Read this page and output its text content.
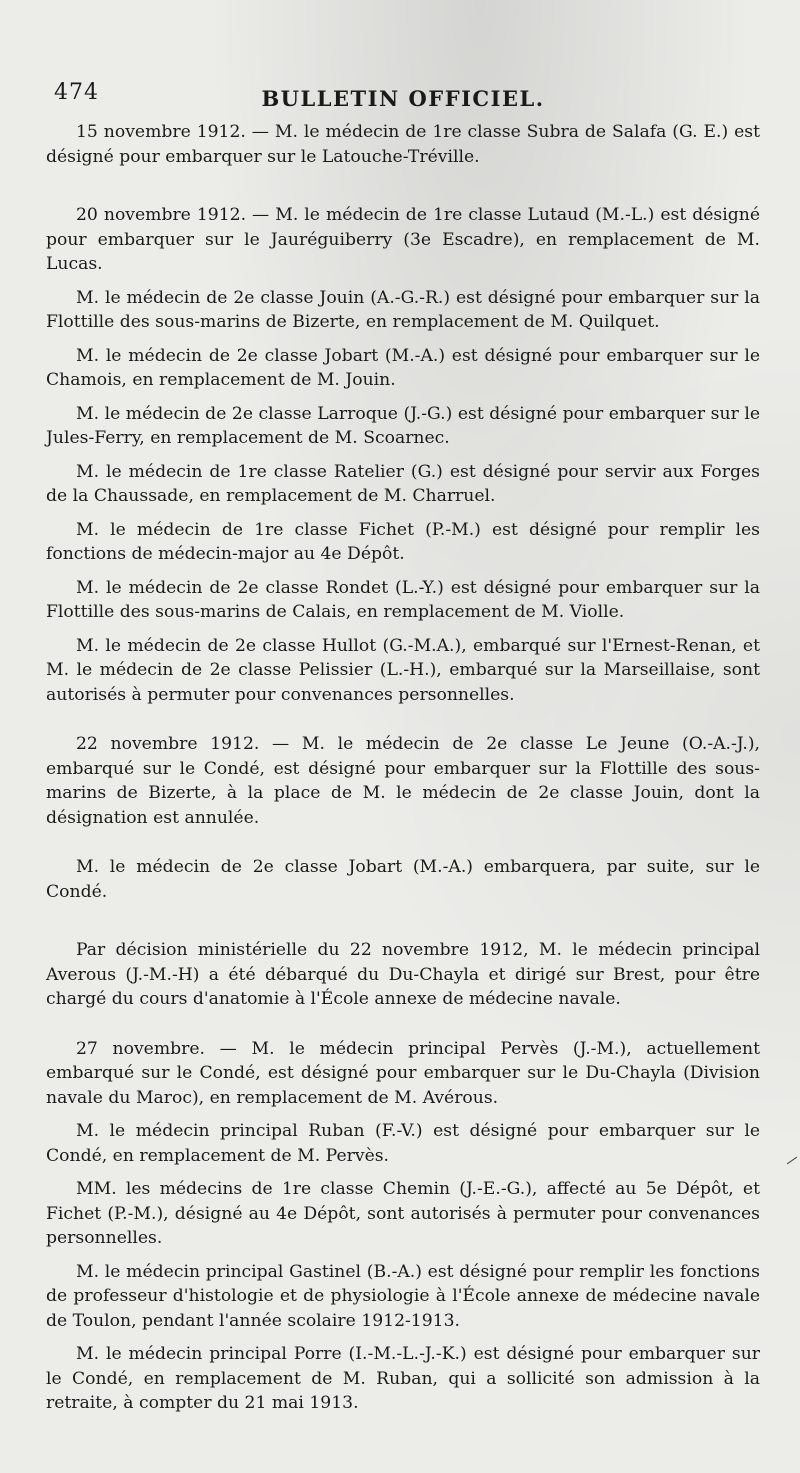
474	BULLETIN OFFICIEL.

15 novembre 1912. — M. le médecin de 1re classe Subra de Salafa (G. E.) est désigné pour embarquer sur le Latouche-Tréville.

20 novembre 1912. — M. le médecin de 1re classe Lutaud (M.-L.) est désigné pour embarquer sur le Jauréguiberry (3e Escadre), en remplacement de M. Lucas.

M. le médecin de 2e classe Jouin (A.-G.-R.) est désigné pour embarquer sur la Flottille des sous-marins de Bizerte, en remplacement de M. Quilquet.

M. le médecin de 2e classe Jobart (M.-A.) est désigné pour embarquer sur le Chamois, en remplacement de M. Jouin.

M. le médecin de 2e classe Larroque (J.-G.) est désigné pour embarquer sur le Jules-Ferry, en remplacement de M. Scoarnec.

M. le médecin de 1re classe Ratelier (G.) est désigné pour servir aux Forges de la Chaussade, en remplacement de M. Charruel.

M. le médecin de 1re classe Fichet (P.-M.) est désigné pour remplir les fonctions de médecin-major au 4e Dépôt.

M. le médecin de 2e classe Rondet (L.-Y.) est désigné pour embarquer sur la Flottille des sous-marins de Calais, en remplacement de M. Violle.

M. le médecin de 2e classe Hullot (G.-M.A.), embarqué sur l'Ernest-Renan, et M. le médecin de 2e classe Pelissier (L.-H.), embarqué sur la Marseillaise, sont autorisés à permuter pour convenances personnelles.

22 novembre 1912. — M. le médecin de 2e classe Le Jeune (O.-A.-J.), embarqué sur le Condé, est désigné pour embarquer sur la Flottille des sous-marins de Bizerte, à la place de M. le médecin de 2e classe Jouin, dont la désignation est annulée.

M. le médecin de 2e classe Jobart (M.-A.) embarquera, par suite, sur le Condé.

Par décision ministérielle du 22 novembre 1912, M. le médecin principal Averous (J.-M.-H) a été débarqué du Du-Chayla et dirigé sur Brest, pour être chargé du cours d'anatomie à l'École annexe de médecine navale.

27 novembre. — M. le médecin principal Pervès (J.-M.), actuellement embarqué sur le Condé, est désigné pour embarquer sur le Du-Chayla (Division navale du Maroc), en remplacement de M. Avérous.

M. le médecin principal Ruban (F.-V.) est désigné pour embarquer sur le Condé, en remplacement de M. Pervès.

MM. les médecins de 1re classe Chemin (J.-E.-G.), affecté au 5e Dépôt, et Fichet (P.-M.), désigné au 4e Dépôt, sont autorisés à permuter pour convenances personnelles.

M. le médecin principal Gastinel (B.-A.) est désigné pour remplir les fonctions de professeur d'histologie et de physiologie à l'École annexe de médecine navale de Toulon, pendant l'année scolaire 1912-1913.

M. le médecin principal Porre (I.-M.-L.-J.-K.) est désigné pour embarquer sur le Condé, en remplacement de M. Ruban, qui a sollicité son admission à la retraite, à compter du 21 mai 1913.
